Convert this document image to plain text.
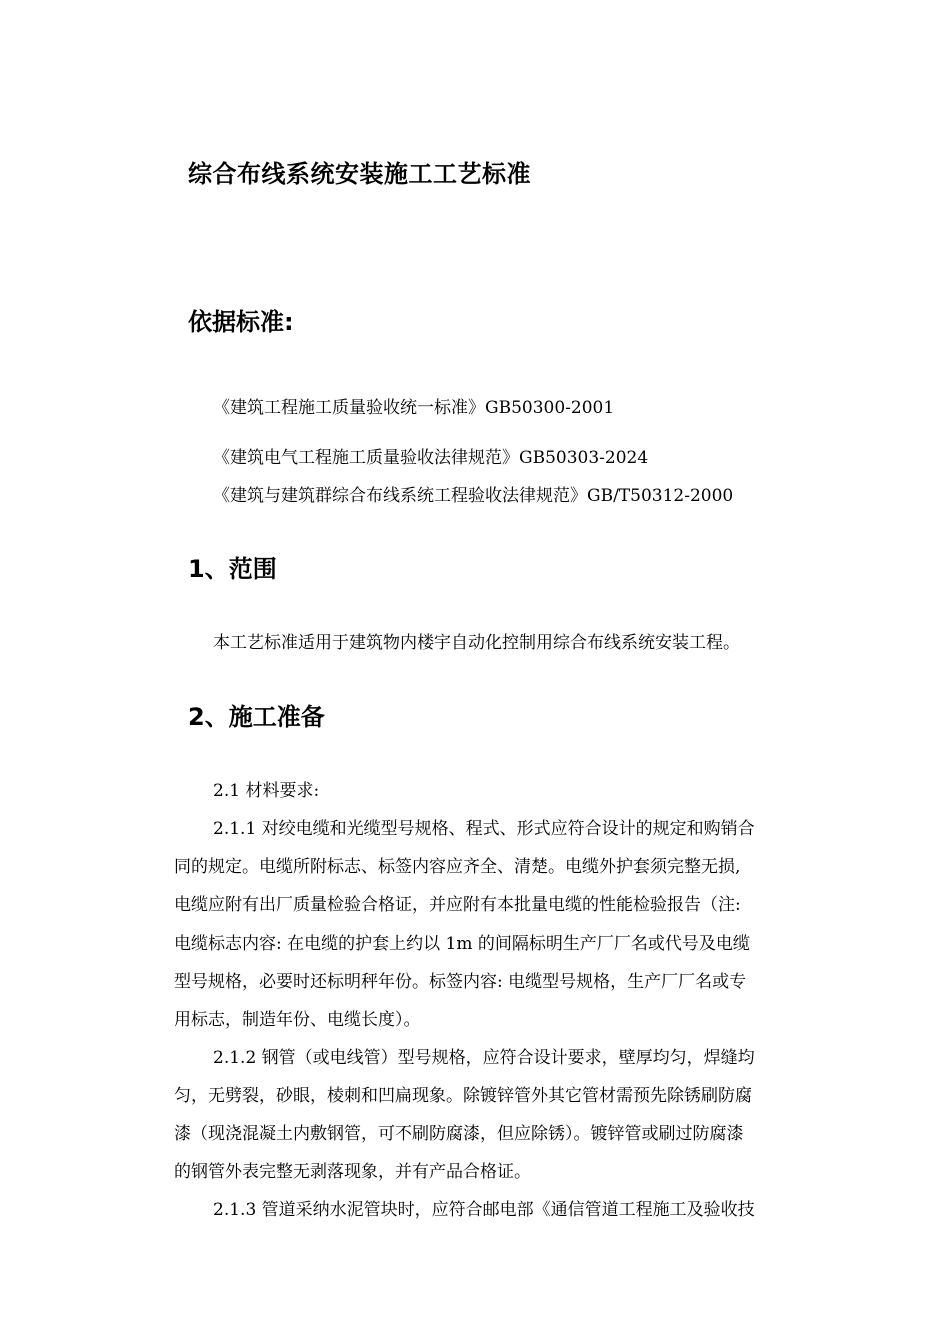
综合布线系统安装施工工艺标准
依据标准:
《建筑工程施工质量验收统一标准》GB50300-2001
《建筑电气工程施工质量验收法律规范》GB50303-2024
《建筑与建筑群综合布线系统工程验收法律规范》GB/T50312-2000
1、范围
本工艺标准适用于建筑物内楼宇自动化控制用综合布线系统安装工程。
2、施工准备
2.1 材料要求:
2.1.1 对绞电缆和光缆型号规格、程式、形式应符合设计的规定和购销合
同的规定。电缆所附标志、标签内容应齐全、清楚。电缆外护套须完整无损,
电缆应附有出厂质量检验合格证，并应附有本批量电缆的性能检验报告（注:
电缆标志内容: 在电缆的护套上约以 1m 的间隔标明生产厂厂名或代号及电缆
型号规格，必要时还标明秤年份。标签内容: 电缆型号规格，生产厂厂名或专
用标志，制造年份、电缆长度）。
2.1.2 钢管（或电线管）型号规格，应符合设计要求，壁厚均匀，焊缝均
匀，无劈裂，砂眼，棱刺和凹扁现象。除镀锌管外其它管材需预先除锈刷防腐
漆（现浇混凝土内敷钢管，可不刷防腐漆，但应除锈）。镀锌管或刷过防腐漆
的钢管外表完整无剥落现象，并有产品合格证。
2.1.3 管道采纳水泥管块时，应符合邮电部《通信管道工程施工及验收技
